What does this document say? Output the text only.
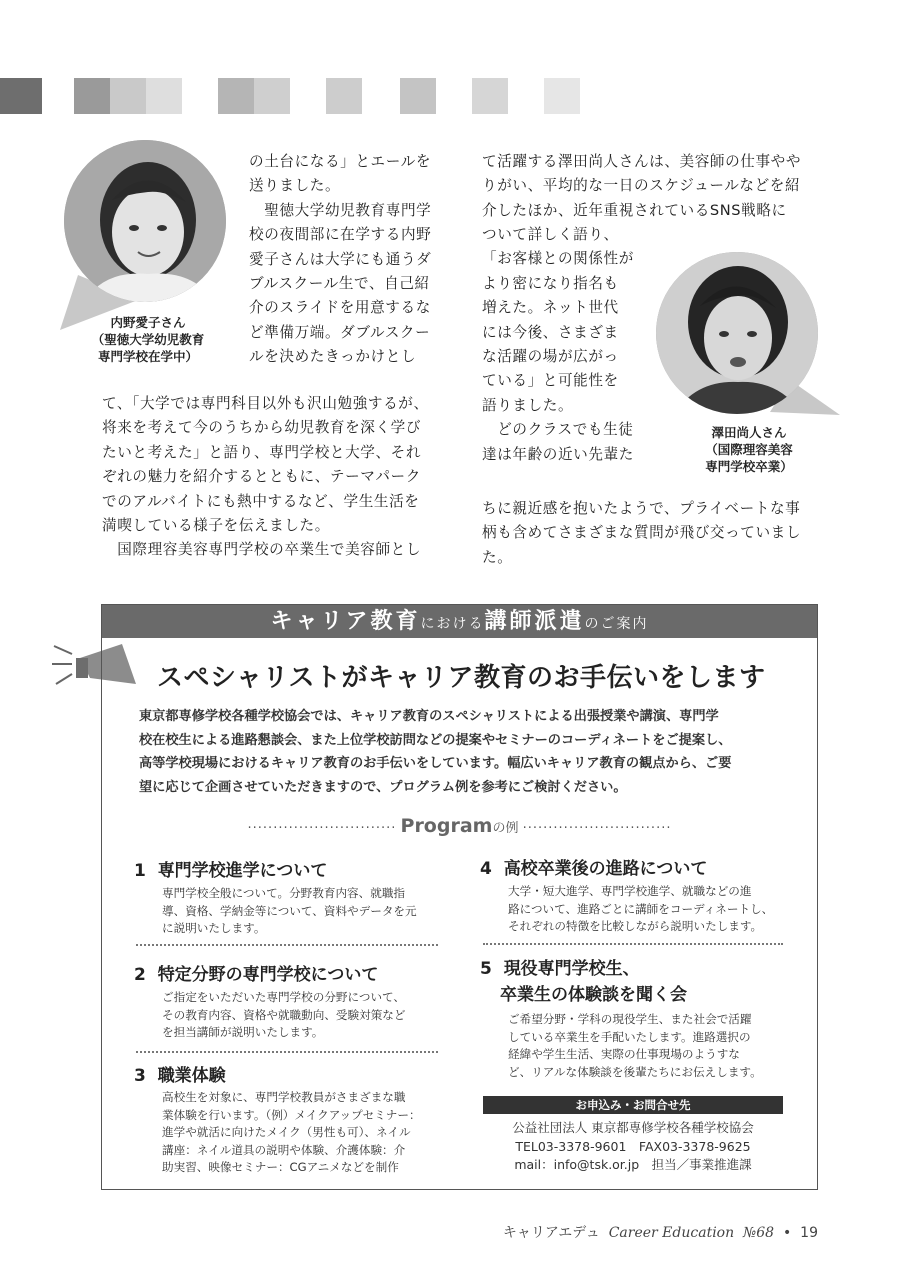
内野愛子さん
（聖徳大学幼児教育
専門学校在学中）
澤田尚人さん
（国際理容美容
専門学校卒業）
の土台になる」とエールを
送りました。
　聖徳大学幼児教育専門学
校の夜間部に在学する内野
愛子さんは大学にも通うダ
ブルスクール生で、自己紹
介のスライドを用意するな
ど準備万端。ダブルスクー
ルを決めたきっかけとし
て、「大学では専門科目以外も沢山勉強するが、
将来を考えて今のうちから幼児教育を深く学び
たいと考えた」と語り、専門学校と大学、それ
ぞれの魅力を紹介するとともに、テーマパーク
でのアルバイトにも熱中するなど、学生生活を
満喫している様子を伝えました。
　国際理容美容専門学校の卒業生で美容師とし
て活躍する澤田尚人さんは、美容師の仕事やや
りがい、平均的な一日のスケジュールなどを紹
介したほか、近年重視されているSNS戦略に
ついて詳しく語り、
「お客様との関係性が
より密になり指名も
増えた。ネット世代
には今後、さまざま
な活躍の場が広がっ
ている」と可能性を
語りました。
　どのクラスでも生徒
達は年齢の近い先輩た
ちに親近感を抱いたようで、プライベートな事
柄も含めてさまざまな質問が飛び交っていまし
た。
キャリア教育における講師派遣のご案内
スペシャリストがキャリア教育のお手伝いをします
東京都専修学校各種学校協会では、キャリア教育のスペシャリストによる出張授業や講演、専門学
校在校生による進路懇談会、また上位学校訪問などの提案やセミナーのコーディネートをご提案し、
高等学校現場におけるキャリア教育のお手伝いをしています。幅広いキャリア教育の観点から、ご要
望に応じて企画させていただきますので、プログラム例を参考にご検討ください。
····························· Programの例 ·····························
1 専門学校進学について
専門学校全般について。分野教育内容、就職指
導、資格、学納金等について、資料やデータを元
に説明いたします。
2 特定分野の専門学校について
ご指定をいただいた専門学校の分野について、
その教育内容、資格や就職動向、受験対策など
を担当講師が説明いたします。
3 職業体験
高校生を対象に、専門学校教員がさまざまな職
業体験を行います。（例）メイクアップセミナー：
進学や就活に向けたメイク（男性も可）、ネイル
講座：ネイル道具の説明や体験、介護体験：介
助実習、映像セミナー：CGアニメなどを制作
4 高校卒業後の進路について
大学・短大進学、専門学校進学、就職などの進
路について、進路ごとに講師をコーディネートし、
それぞれの特徴を比較しながら説明いたします。
5 現役専門学校生、
卒業生の体験談を聞く会
ご希望分野・学科の現役学生、また社会で活躍
している卒業生を手配いたします。進路選択の
経緯や学生生活、実際の仕事現場のようすな
ど、リアルな体験談を後輩たちにお伝えします。
お申込み・お問合せ先
公益社団法人 東京都専修学校各種学校協会
TEL03-3378-9601　FAX03-3378-9625
mail：info@tsk.or.jp　担当／事業推進課
キャリアエデュ Career Education №68 • 19
